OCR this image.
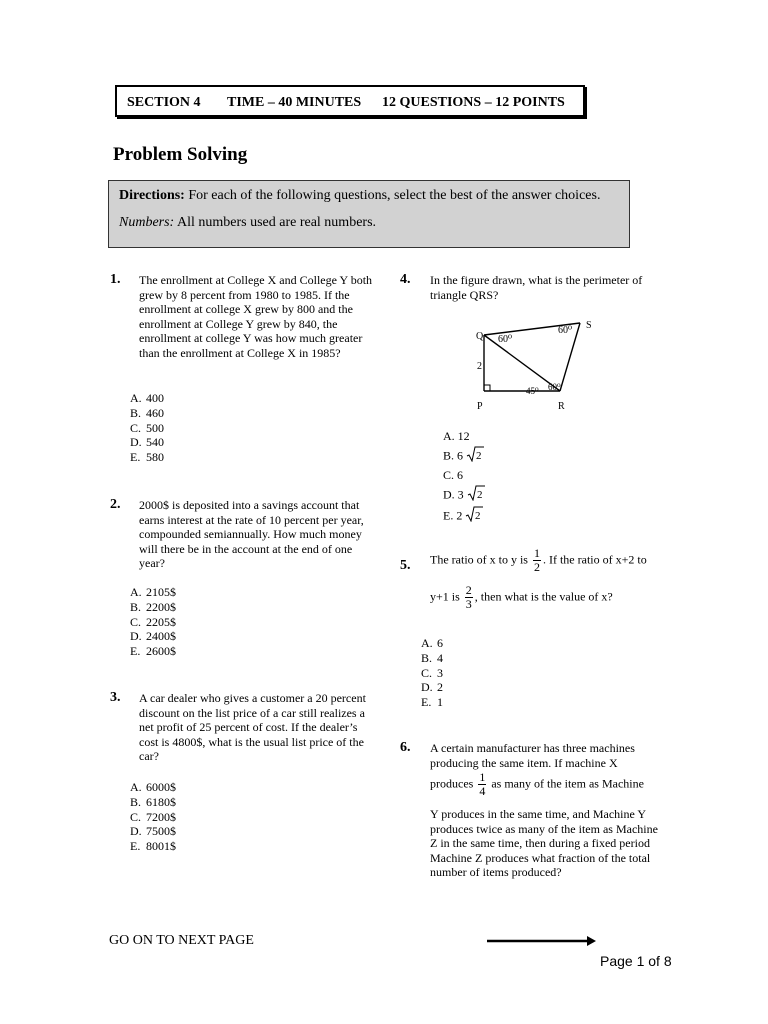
SECTION 4 TIME – 40 MINUTES 12 QUESTIONS – 12 POINTS
Problem Solving
Directions: For each of the following questions, select the best of the answer choices.
Numbers: All numbers used are real numbers.
1. The enrollment at College X and College Y both grew by 8 percent from 1980 to 1985. If the enrollment at college X grew by 800 and the enrollment at College Y grew by 840, the enrollment at college Y was how much greater than the enrollment at College X in 1985?
A. 400
B. 460
C. 500
D. 540
E. 580
2. 2000$ is deposited into a savings account that earns interest at the rate of 10 percent per year, compounded semiannually. How much money will there be in the account at the end of one year?
A. 2105$
B. 2200$
C. 2205$
D. 2400$
E. 2600$
3. A car dealer who gives a customer a 20 percent discount on the list price of a car still realizes a net profit of 25 percent of cost. If the dealer’s cost is 4800$, what is the usual list price of the car?
A. 6000$
B. 6180$
C. 7200$
D. 7500$
E. 8001$
4. In the figure drawn, what is the perimeter of triangle QRS?
Q
S
P	R
2
60⁰
60⁰
45⁰ 60⁰
A. 12
B. 6 2
C. 6
D. 3 2
E. 2 2
5. The ratio of x to y is $\frac{1}{2}$ . If the ratio of x+2 to
y+1 is $\frac{2}{3}$ , then what is the value of x?
A. 6
B. 4
C. 3
D. 2
E. 1
6. A certain manufacturer has three machines producing the same item. If machine X
produces $\frac{1}{4}$ as many of the item as Machine
Y produces in the same time, and Machine Y produces twice as many of the item as Machine Z in the same time, then during a fixed period Machine Z produces what fraction of the total number of items produced?
GO ON TO NEXT PAGE
Page 1 of 8
